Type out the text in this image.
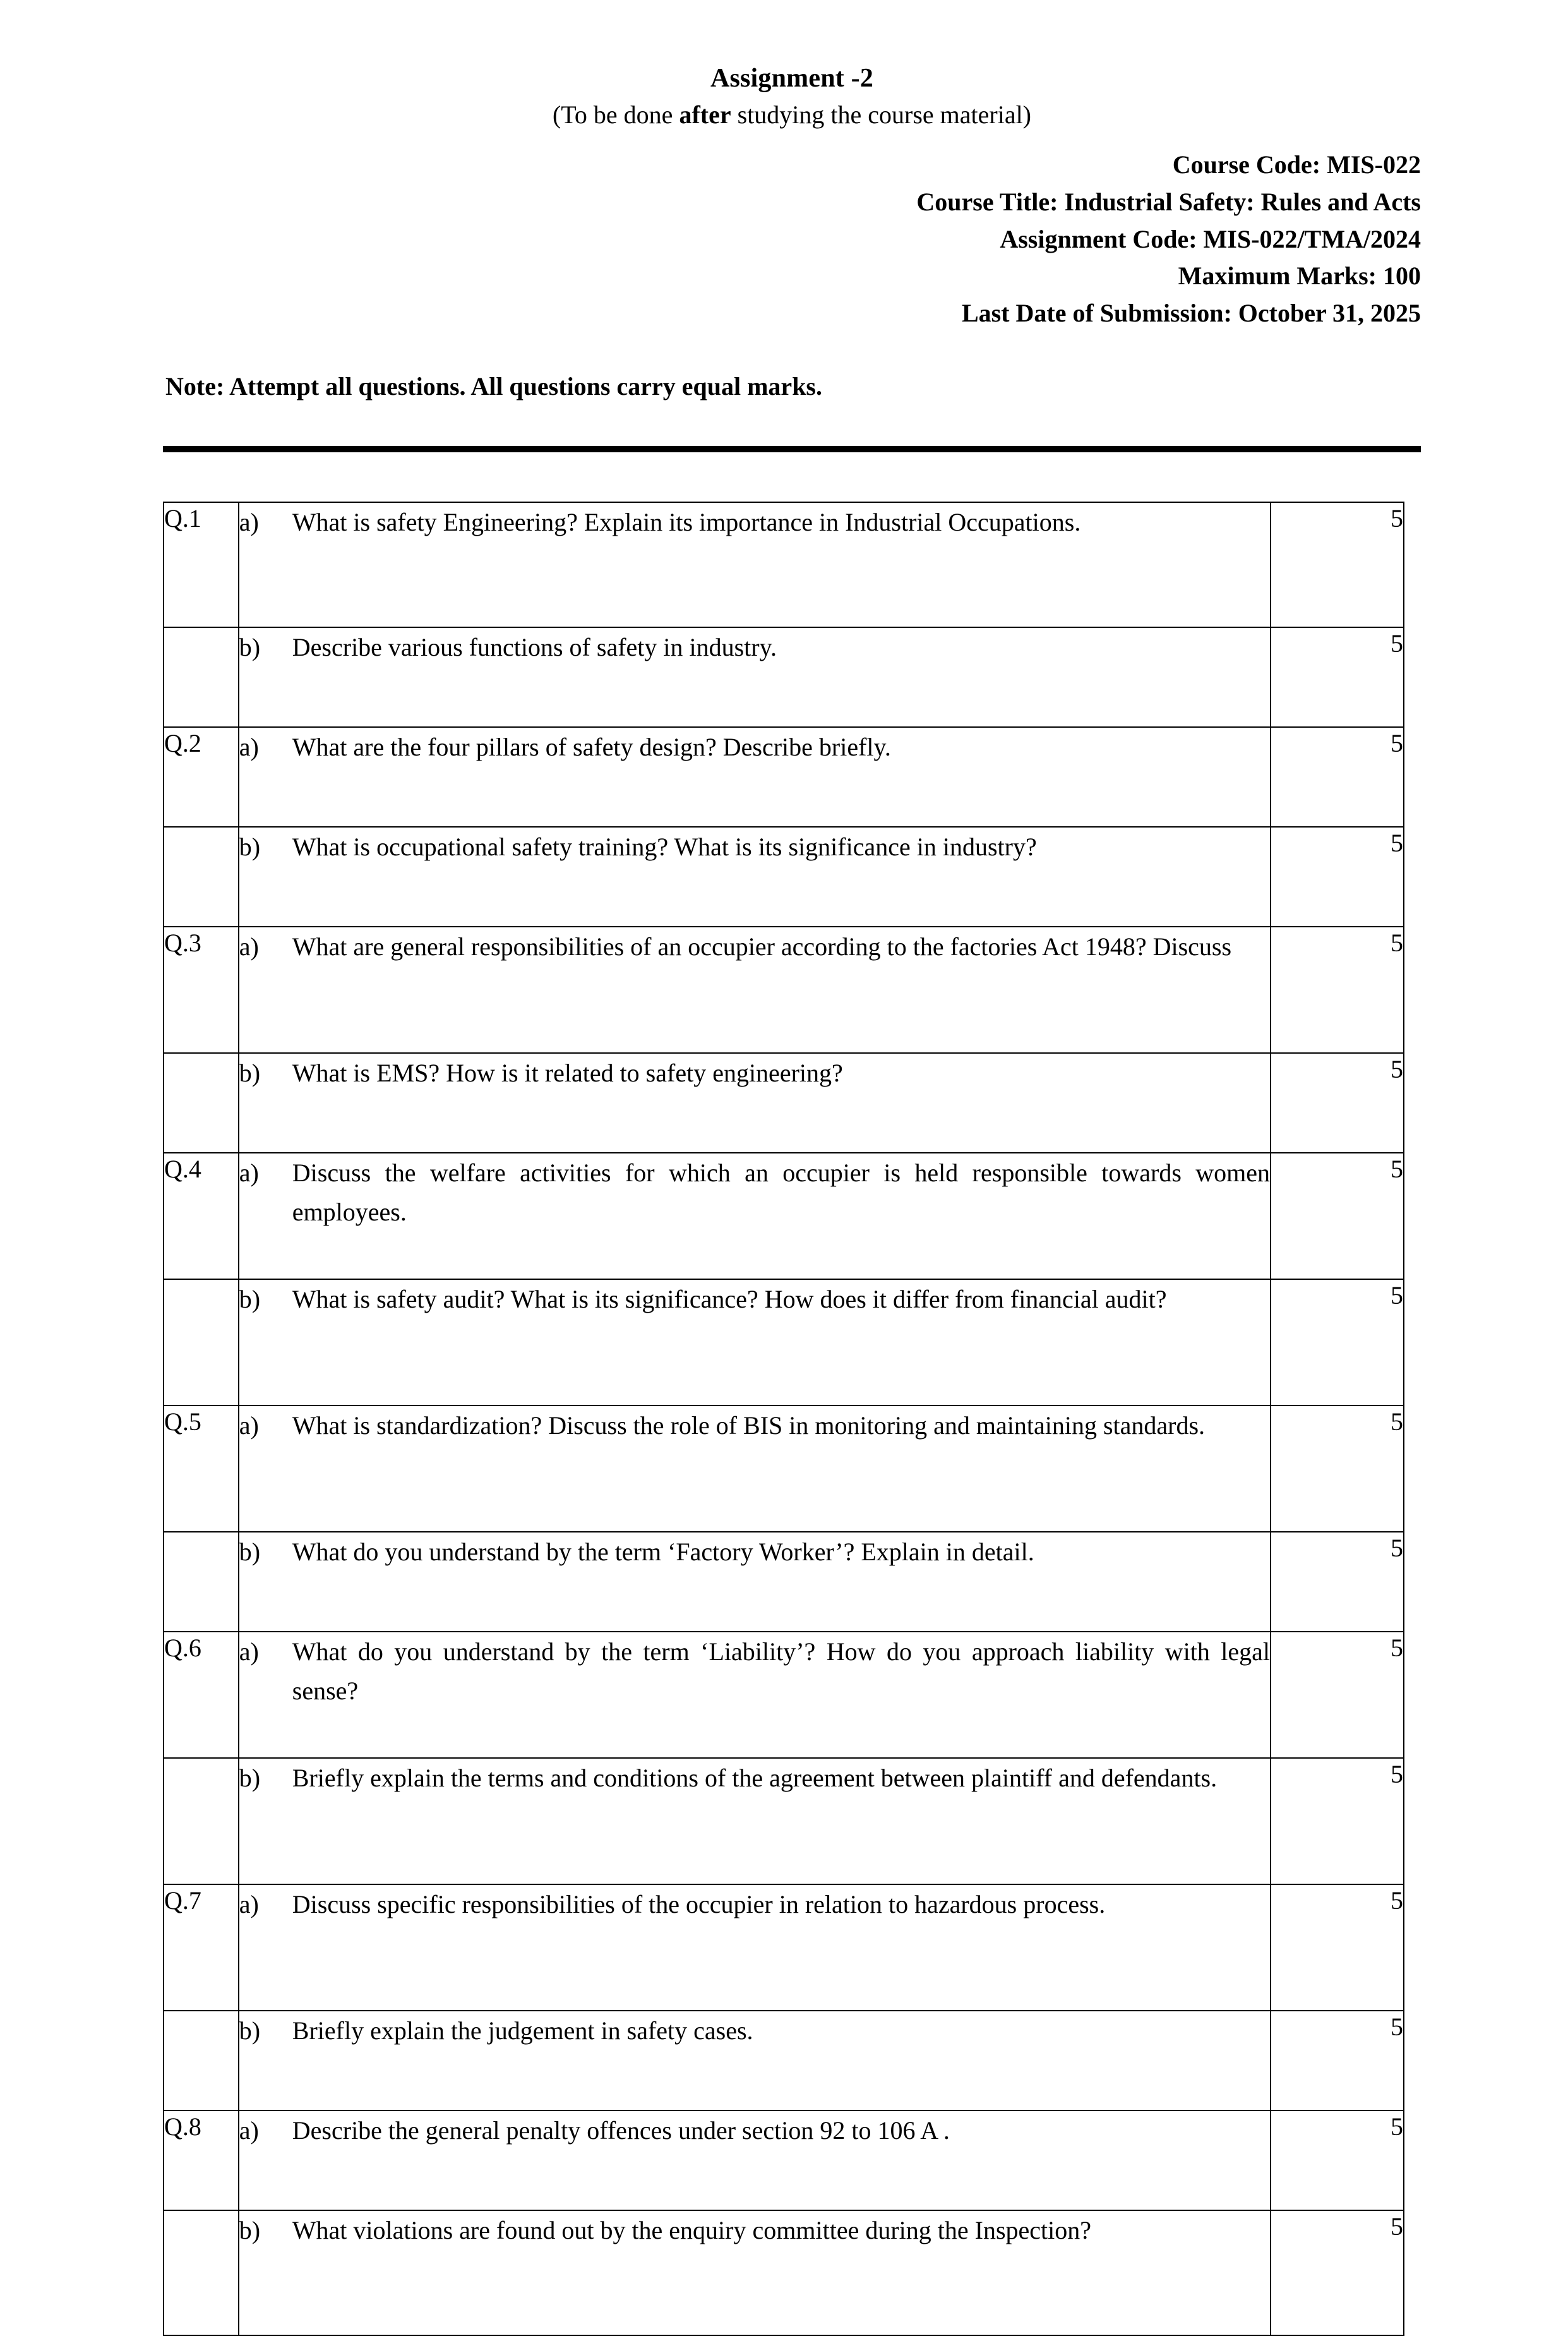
Assignment -2
(To be done after studying the course material)
Course Code: MIS-022
Course Title: Industrial Safety: Rules and Acts
Assignment Code: MIS-022/TMA/2024
Maximum Marks: 100
Last Date of Submission: October 31, 2025
Note: Attempt all questions. All questions carry equal marks.
Q.1	a) What is safety Engineering? Explain its importance in Industrial Occupations.	5

	b) Describe various functions of safety in industry.	5
Q.2	a) What are the four pillars of safety design? Describe briefly.	5

	b) What is occupational safety training? What is its significance in industry?	5
Q.3	a) What are general responsibilities of an occupier according to the factories Act 1948? Discuss	5

	b) What is EMS? How is it related to safety engineering?	5
Q.4	a) Discuss the welfare activities for which an occupier is held responsible towards women employees.	5

	b) What is safety audit? What is its significance? How does it differ from financial audit?	5
Q.5	a) What is standardization? Discuss the role of BIS in monitoring and maintaining standards.	5

	b) What do you understand by the term ‘Factory Worker’? Explain in detail.	5
Q.6	a) What do you understand by the term ‘Liability’? How do you approach liability with legal sense?	5

	b) Briefly explain the terms and conditions of the agreement between plaintiff and defendants.	5
Q.7	a) Discuss specific responsibilities of the occupier in relation to hazardous process.	5

	b) Briefly explain the judgement in safety cases.	5
Q.8	a) Describe the general penalty offences under section 92 to 106 A .	5

	b) What violations are found out by the enquiry committee during the Inspection?	5
